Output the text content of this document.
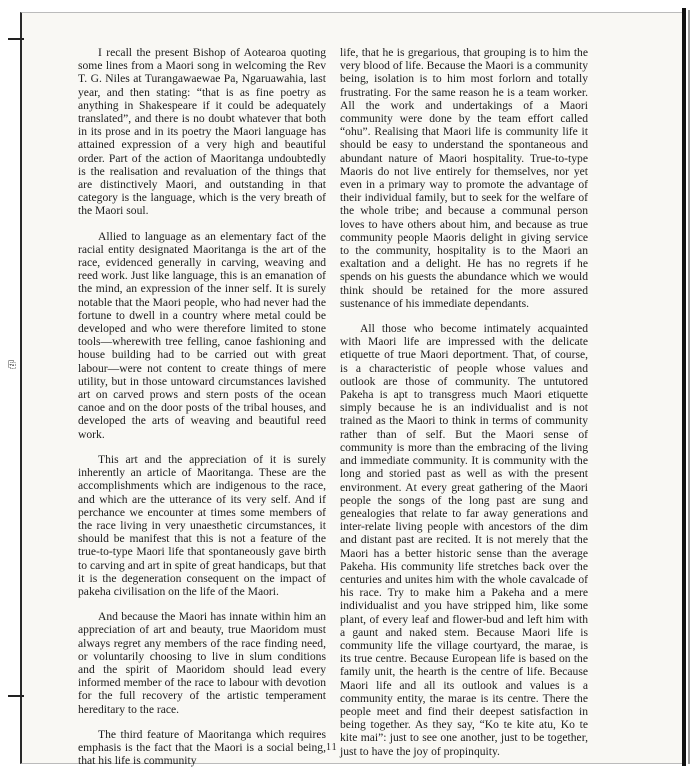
⎘

I recall the present Bishop of Aotearoa quoting some lines from a Maori song in welcoming the Rev T. G. Niles at Turangawaewae Pa, Ngaruawahia, last year, and then stating: “that is as fine poetry as anything in Shakespeare if it could be adequately translated”, and there is no doubt whatever that both in its prose and in its poetry the Maori language has attained expression of a very high and beautiful order. Part of the action of Maoritanga undoubtedly is the realisation and revaluation of the things that are distinctively Maori, and outstanding in that category is the language, which is the very breath of the Maori soul.

Allied to language as an elementary fact of the racial entity designated Maoritanga is the art of the race, evidenced generally in carving, weaving and reed work. Just like language, this is an emanation of the mind, an expression of the inner self. It is surely notable that the Maori people, who had never had the fortune to dwell in a country where metal could be developed and who were therefore limited to stone tools—wherewith tree felling, canoe fashioning and house building had to be carried out with great labour—were not content to create things of mere utility, but in those untoward circumstances lavished art on carved prows and stern posts of the ocean canoe and on the door posts of the tribal houses, and developed the arts of weaving and beautiful reed work.

This art and the appreciation of it is surely inherently an article of Maoritanga. These are the accomplishments which are indigenous to the race, and which are the utterance of its very self. And if perchance we encounter at times some members of the race living in very unaesthetic circumstances, it should be manifest that this is not a feature of the true-to-type Maori life that spontaneously gave birth to carving and art in spite of great handicaps, but that it is the degeneration consequent on the impact of pakeha civilisation on the life of the Maori.

And because the Maori has innate within him an appreciation of art and beauty, true Maoridom must always regret any members of the race finding need, or voluntarily choosing to live in slum conditions and the spirit of Maoridom should lead every informed member of the race to labour with devotion for the full recovery of the artistic temperament hereditary to the race.

The third feature of Maoritanga which requires emphasis is the fact that the Maori is a social being, that his life is community

life, that he is gregarious, that grouping is to him the very blood of life. Because the Maori is a community being, isolation is to him most forlorn and totally frustrating. For the same reason he is a team worker. All the work and undertakings of a Maori community were done by the team effort called “ohu”. Realising that Maori life is community life it should be easy to understand the spontaneous and abundant nature of Maori hospitality. True-to-type Maoris do not live entirely for themselves, nor yet even in a primary way to promote the advantage of their individual family, but to seek for the welfare of the whole tribe; and because a communal person loves to have others about him, and because as true community people Maoris delight in giving service to the community, hospitality is to the Maori an exaltation and a delight. He has no regrets if he spends on his guests the abundance which we would think should be retained for the more assured sustenance of his immediate dependants.

All those who become intimately acquainted with Maori life are impressed with the delicate etiquette of true Maori deportment. That, of course, is a characteristic of people whose values and outlook are those of community. The untutored Pakeha is apt to transgress much Maori etiquette simply because he is an individualist and is not trained as the Maori to think in terms of community rather than of self. But the Maori sense of community is more than the embracing of the living and immediate community. It is community with the long and storied past as well as with the present environment. At every great gathering of the Maori people the songs of the long past are sung and genealogies that relate to far away generations and inter-relate living people with ancestors of the dim and distant past are recited. It is not merely that the Maori has a better historic sense than the average Pakeha. His community life stretches back over the centuries and unites him with the whole cavalcade of his race. Try to make him a Pakeha and a mere individualist and you have stripped him, like some plant, of every leaf and flower-bud and left him with a gaunt and naked stem. Because Maori life is community life the village courtyard, the marae, is its true centre. Because European life is based on the family unit, the hearth is the centre of life. Because Maori life and all its outlook and values is a community entity, the marae is its centre. There the people meet and find their deepest satisfaction in being together. As they say, “Ko te kite atu, Ko te kite mai”: just to see one another, just to be together, just to have the joy of propinquity.

11
